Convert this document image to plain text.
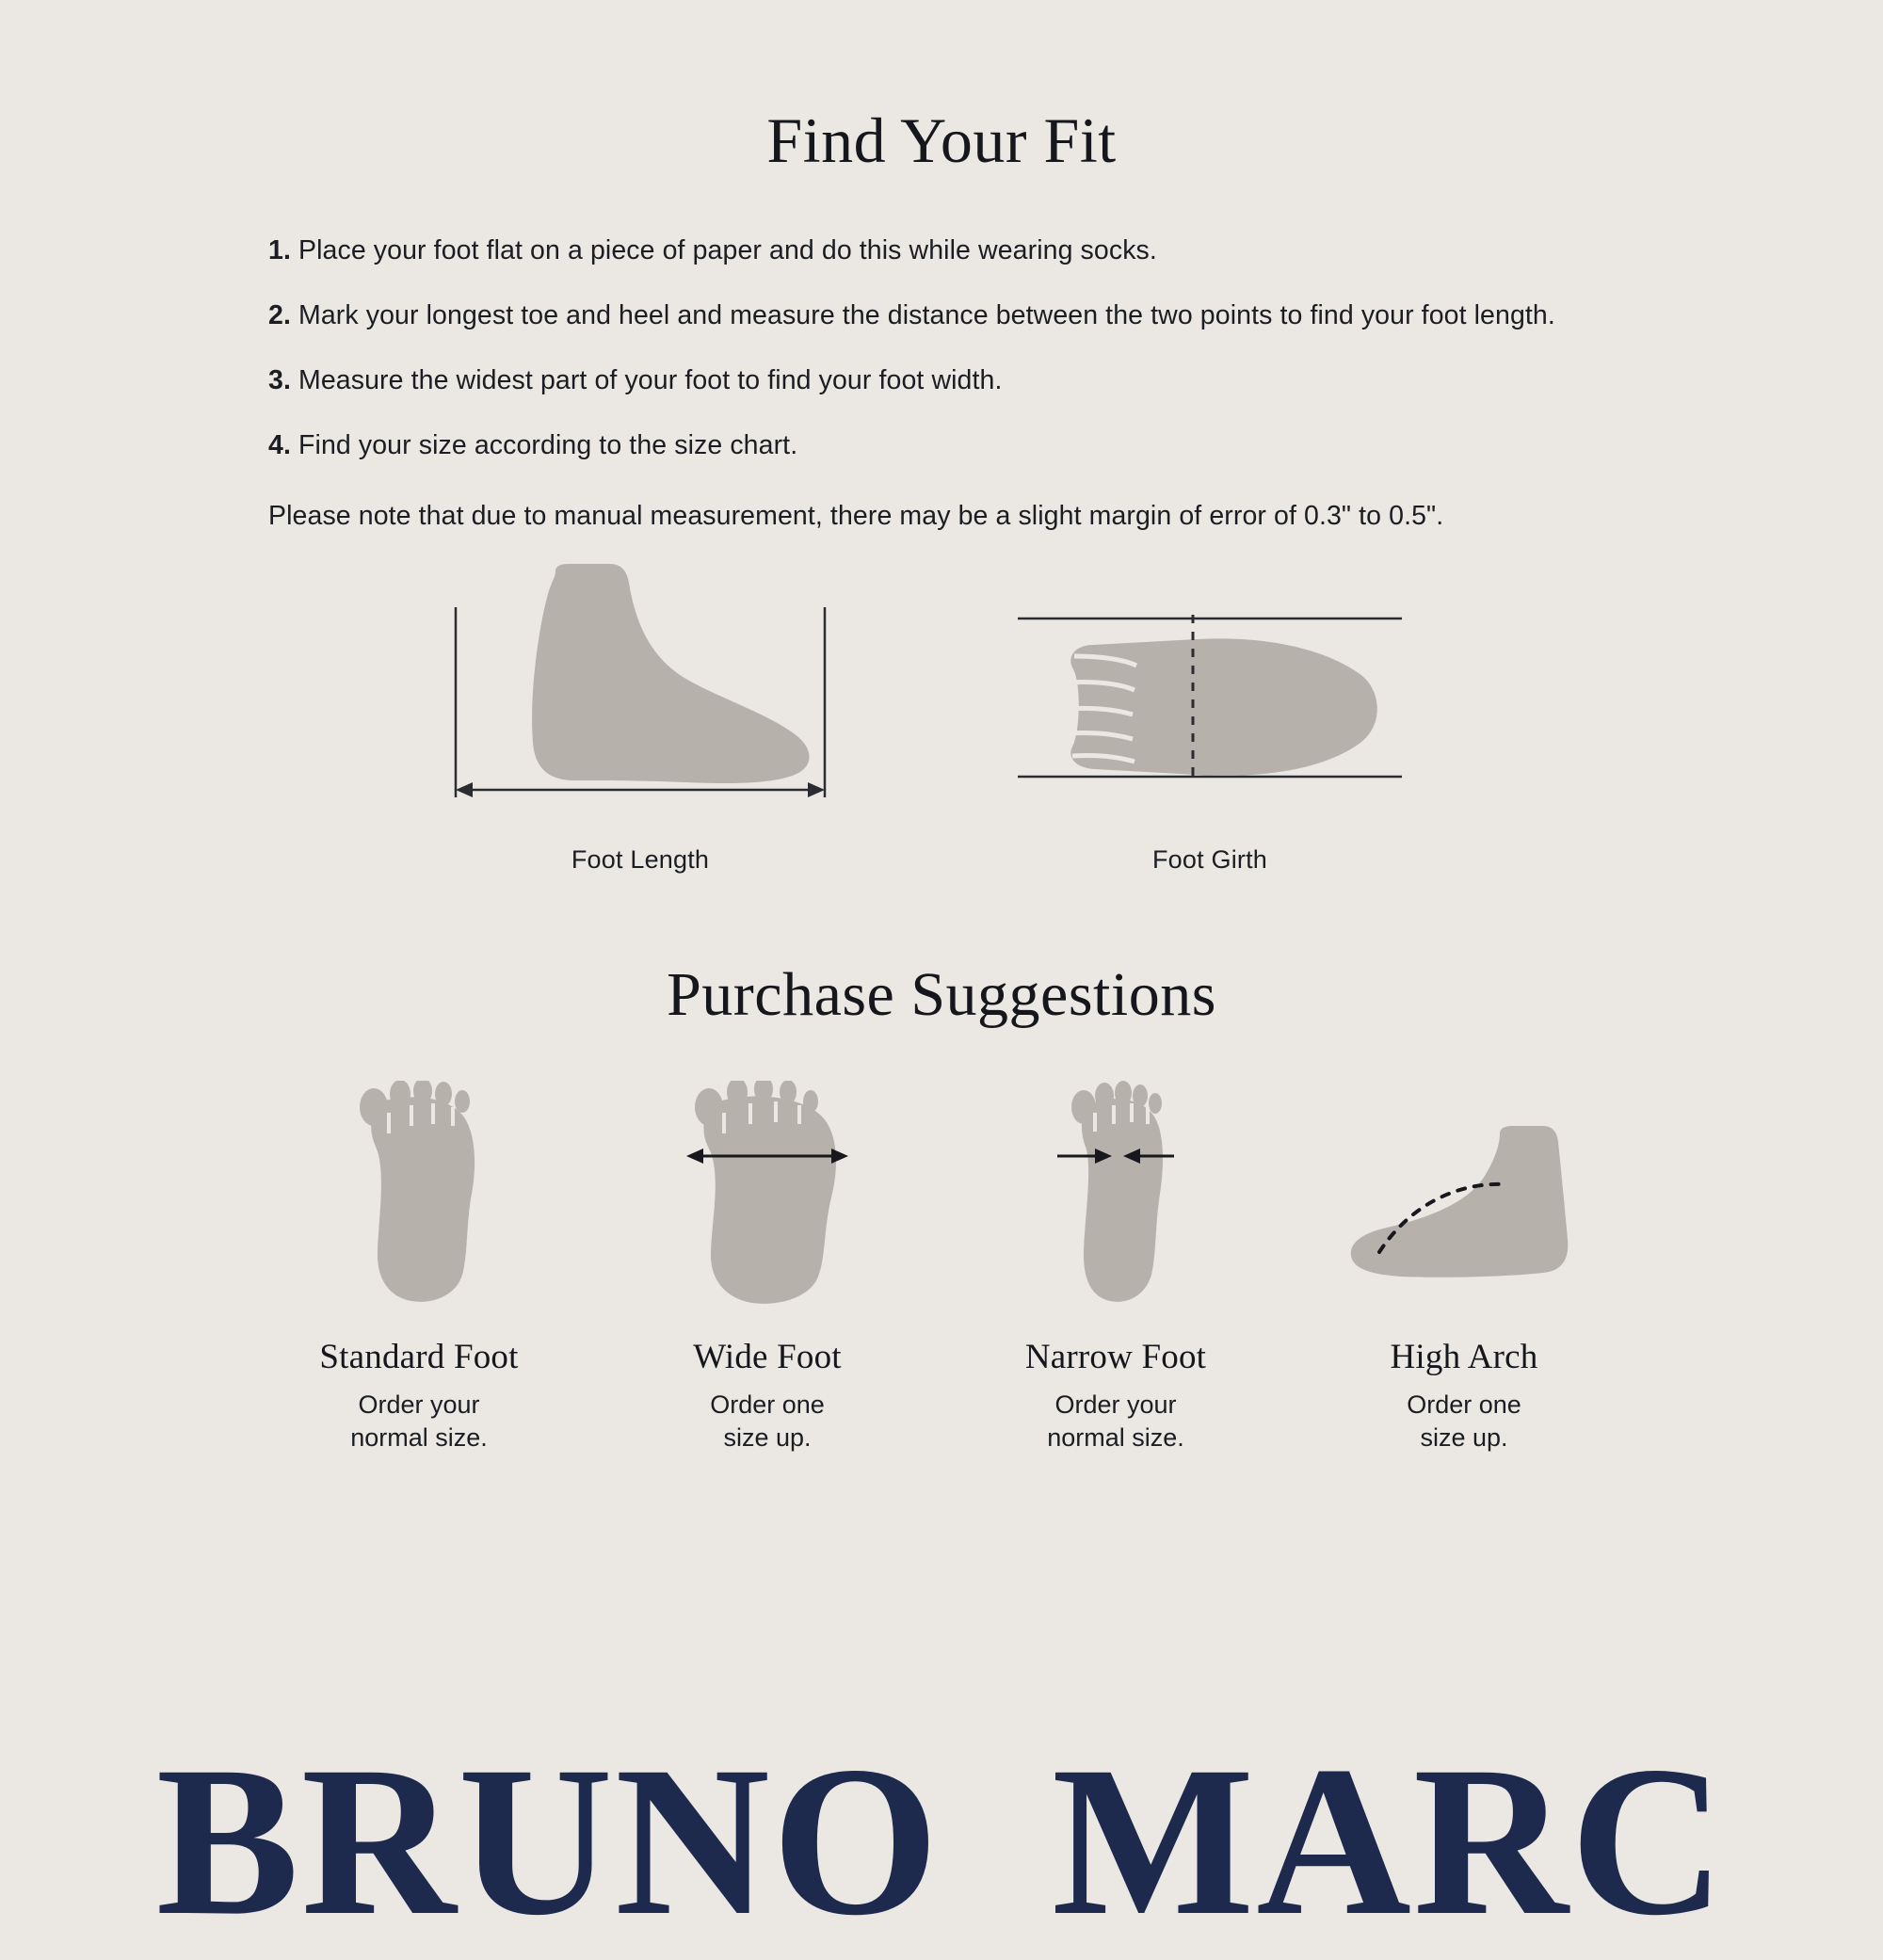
Find Your Fit

1. Place your foot flat on a piece of paper and do this while wearing socks.

2. Mark your longest toe and heel and measure the distance between the two points to find your foot length.

3. Measure the widest part of your foot to find your foot width.

4. Find your size according to the size chart.

Please note that due to manual measurement, there may be a slight margin of error of 0.3" to 0.5".

Foot Length	Foot Girth
Purchase Suggestions
Standard Foot
Order your
normal size.
Wide Foot
Order one
size up.
Narrow Foot
Order your
normal size.
High Arch
Order one
size up.
BRUNO  MARC
